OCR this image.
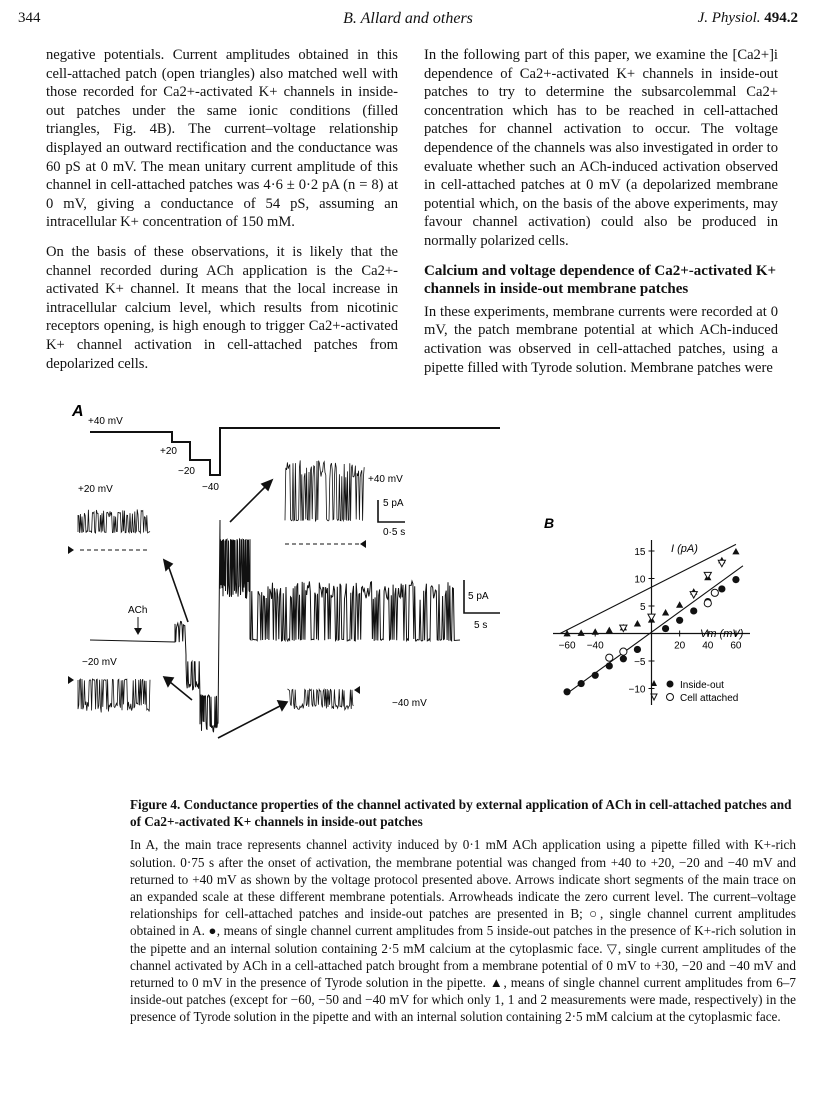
344	B. Allard and others	J. Physiol. 494.2

negative potentials. Current amplitudes obtained in this cell-attached patch (open triangles) also matched well with those recorded for Ca2+-activated K+ channels in inside-out patches under the same ionic conditions (filled triangles, Fig. 4B). The current–voltage relationship displayed an outward rectification and the conductance was 60 pS at 0 mV. The mean unitary current amplitude of this channel in cell-attached patches was 4·6 ± 0·2 pA (n = 8) at 0 mV, giving a conductance of 54 pS, assuming an intracellular K+ concentration of 150 mM.

On the basis of these observations, it is likely that the channel recorded during ACh application is the Ca2+-activated K+ channel. It means that the local increase in intracellular calcium level, which results from nicotinic receptors opening, is high enough to trigger Ca2+-activated K+ channel activation in cell-attached patches from depolarized cells.

In the following part of this paper, we examine the [Ca2+]i dependence of Ca2+-activated K+ channels in inside-out patches to try to determine the subsarcolemmal Ca2+ concentration which has to be reached in cell-attached patches for channel activation to occur. The voltage dependence of the channels was also investigated in order to evaluate whether such an ACh-induced activation observed in cell-attached patches at 0 mV (a depolarized membrane potential which, on the basis of the above experiments, may favour channel activation) could also be produced in normally polarized cells.

Calcium and voltage dependence of Ca2+-activated K+ channels in inside-out membrane patches

In these experiments, membrane currents were recorded at 0 mV, the patch membrane potential at which ACh-induced activation was observed in cell-attached patches, using a pipette filled with Tyrode solution. Membrane patches were

A
+40 mV
+20
−20
−40
ACh
+20 mV
−20 mV
+40 mV
−40 mV
5 pA
0·5 s
5 pA
5 s
B
−60 −40	20 40 60
−10
−5
5
10
15 I (pA)
Vm (mV)
Inside-out
Cell attached
Figure 4. Conductance properties of the channel activated by external application of ACh in cell-attached patches and of Ca2+-activated K+ channels in inside-out patches

In A, the main trace represents channel activity induced by 0·1 mM ACh application using a pipette filled with K+-rich solution. 0·75 s after the onset of activation, the membrane potential was changed from +40 to +20, −20 and −40 mV and returned to +40 mV as shown by the voltage protocol presented above. Arrows indicate short segments of the main trace on an expanded scale at these different membrane potentials. Arrowheads indicate the zero current level. The current–voltage relationships for cell-attached patches and inside-out patches are presented in B; ○, single channel current amplitudes obtained in A. ●, means of single channel current amplitudes from 5 inside-out patches in the presence of K+-rich solution in the pipette and an internal solution containing 2·5 mM calcium at the cytoplasmic face. ▽, single current amplitudes of the channel activated by ACh in a cell-attached patch brought from a membrane potential of 0 mV to +30, −20 and −40 mV and returned to 0 mV in the presence of Tyrode solution in the pipette. ▲, means of single channel current amplitudes from 6–7 inside-out patches (except for −60, −50 and −40 mV for which only 1, 1 and 2 measurements were made, respectively) in the presence of Tyrode solution in the pipette and with an internal solution containing 2·5 mM calcium at the cytoplasmic face.
